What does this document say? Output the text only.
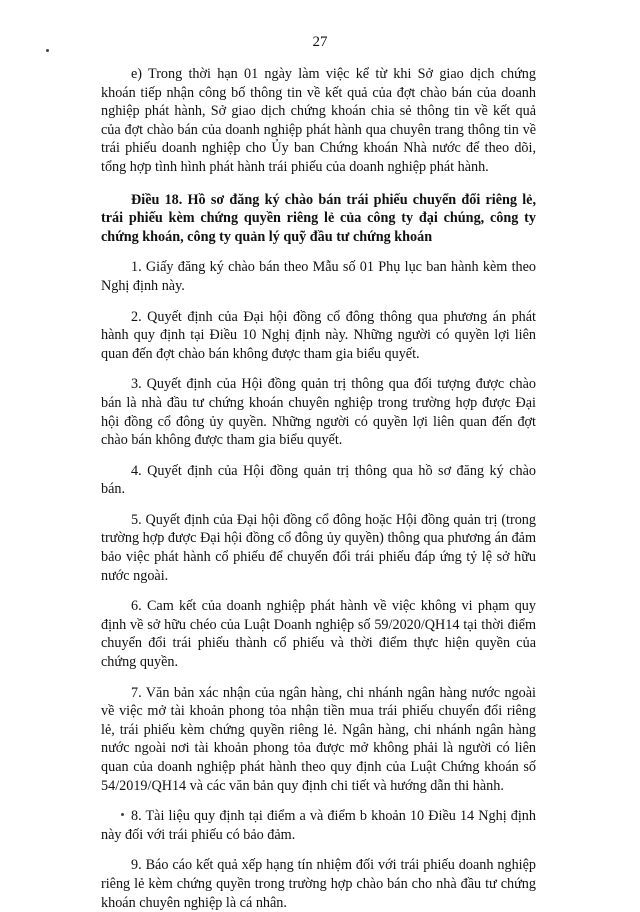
27

e) Trong thời hạn 01 ngày làm việc kể từ khi Sở giao dịch chứng khoán tiếp nhận công bố thông tin về kết quả của đợt chào bán của doanh nghiệp phát hành, Sở giao dịch chứng khoán chia sẻ thông tin về kết quả của đợt chào bán của doanh nghiệp phát hành qua chuyên trang thông tin về trái phiếu doanh nghiệp cho Ủy ban Chứng khoán Nhà nước để theo dõi, tổng hợp tình hình phát hành trái phiếu của doanh nghiệp phát hành.

Điều 18. Hồ sơ đăng ký chào bán trái phiếu chuyển đổi riêng lẻ, trái phiếu kèm chứng quyền riêng lẻ của công ty đại chúng, công ty chứng khoán, công ty quản lý quỹ đầu tư chứng khoán

1. Giấy đăng ký chào bán theo Mẫu số 01 Phụ lục ban hành kèm theo Nghị định này.

2. Quyết định của Đại hội đồng cổ đông thông qua phương án phát hành quy định tại Điều 10 Nghị định này. Những người có quyền lợi liên quan đến đợt chào bán không được tham gia biểu quyết.

3. Quyết định của Hội đồng quản trị thông qua đối tượng được chào bán là nhà đầu tư chứng khoán chuyên nghiệp trong trường hợp được Đại hội đồng cổ đông ủy quyền. Những người có quyền lợi liên quan đến đợt chào bán không được tham gia biểu quyết.

4. Quyết định của Hội đồng quản trị thông qua hồ sơ đăng ký chào bán.

5. Quyết định của Đại hội đồng cổ đông hoặc Hội đồng quản trị (trong trường hợp được Đại hội đồng cổ đông ủy quyền) thông qua phương án đảm bảo việc phát hành cổ phiếu để chuyển đổi trái phiếu đáp ứng tỷ lệ sở hữu nước ngoài.

6. Cam kết của doanh nghiệp phát hành về việc không vi phạm quy định về sở hữu chéo của Luật Doanh nghiệp số 59/2020/QH14 tại thời điểm chuyển đổi trái phiếu thành cổ phiếu và thời điểm thực hiện quyền của chứng quyền.

7. Văn bản xác nhận của ngân hàng, chi nhánh ngân hàng nước ngoài về việc mở tài khoản phong tỏa nhận tiền mua trái phiếu chuyển đổi riêng lẻ, trái phiếu kèm chứng quyền riêng lẻ. Ngân hàng, chi nhánh ngân hàng nước ngoài nơi tài khoản phong tỏa được mở không phải là người có liên quan của doanh nghiệp phát hành theo quy định của Luật Chứng khoán số 54/2019/QH14 và các văn bản quy định chi tiết và hướng dẫn thi hành.

8. Tài liệu quy định tại điểm a và điểm b khoản 10 Điều 14 Nghị định này đối với trái phiếu có bảo đảm.

9. Báo cáo kết quả xếp hạng tín nhiệm đối với trái phiếu doanh nghiệp riêng lẻ kèm chứng quyền trong trường hợp chào bán cho nhà đầu tư chứng khoán chuyên nghiệp là cá nhân.
